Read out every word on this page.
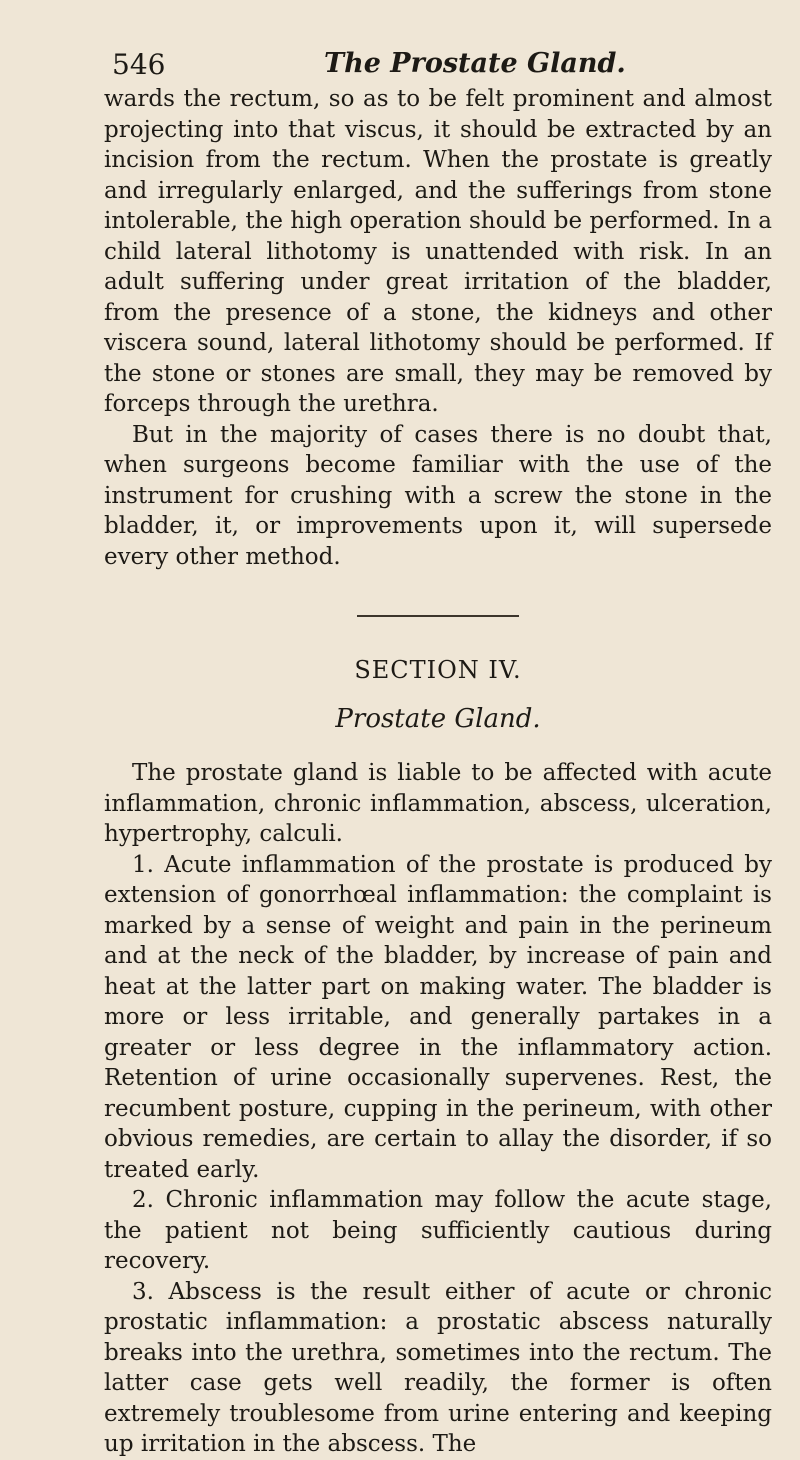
546	The Prostate Gland.

wards the rectum, so as to be felt prominent and almost projecting into that viscus, it should be extracted by an incision from the rectum. When the prostate is greatly and irregularly enlarged, and the sufferings from stone intolerable, the high operation should be performed. In a child lateral lithotomy is unattended with risk. In an adult suffering under great irritation of the bladder, from the presence of a stone, the kidneys and other viscera sound, lateral lithotomy should be performed. If the stone or stones are small, they may be removed by forceps through the urethra.

But in the majority of cases there is no doubt that, when surgeons become familiar with the use of the instrument for crushing with a screw the stone in the bladder, it, or improvements upon it, will supersede every other method.

SECTION IV.
Prostate Gland.

The prostate gland is liable to be affected with acute inflammation, chronic inflammation, abscess, ulceration, hypertrophy, calculi.

1. Acute inflammation of the prostate is produced by extension of gonorrhœal inflammation: the complaint is marked by a sense of weight and pain in the perineum and at the neck of the bladder, by increase of pain and heat at the latter part on making water. The bladder is more or less irritable, and generally partakes in a greater or less degree in the inflammatory action. Retention of urine occasionally supervenes. Rest, the recumbent posture, cupping in the perineum, with other obvious remedies, are certain to allay the disorder, if so treated early.

2. Chronic inflammation may follow the acute stage, the patient not being sufficiently cautious during recovery.

3. Abscess is the result either of acute or chronic prostatic inflammation: a prostatic abscess naturally breaks into the urethra, sometimes into the rectum. The latter case gets well readily, the former is often extremely troublesome from urine entering and keeping up irritation in the abscess. The
